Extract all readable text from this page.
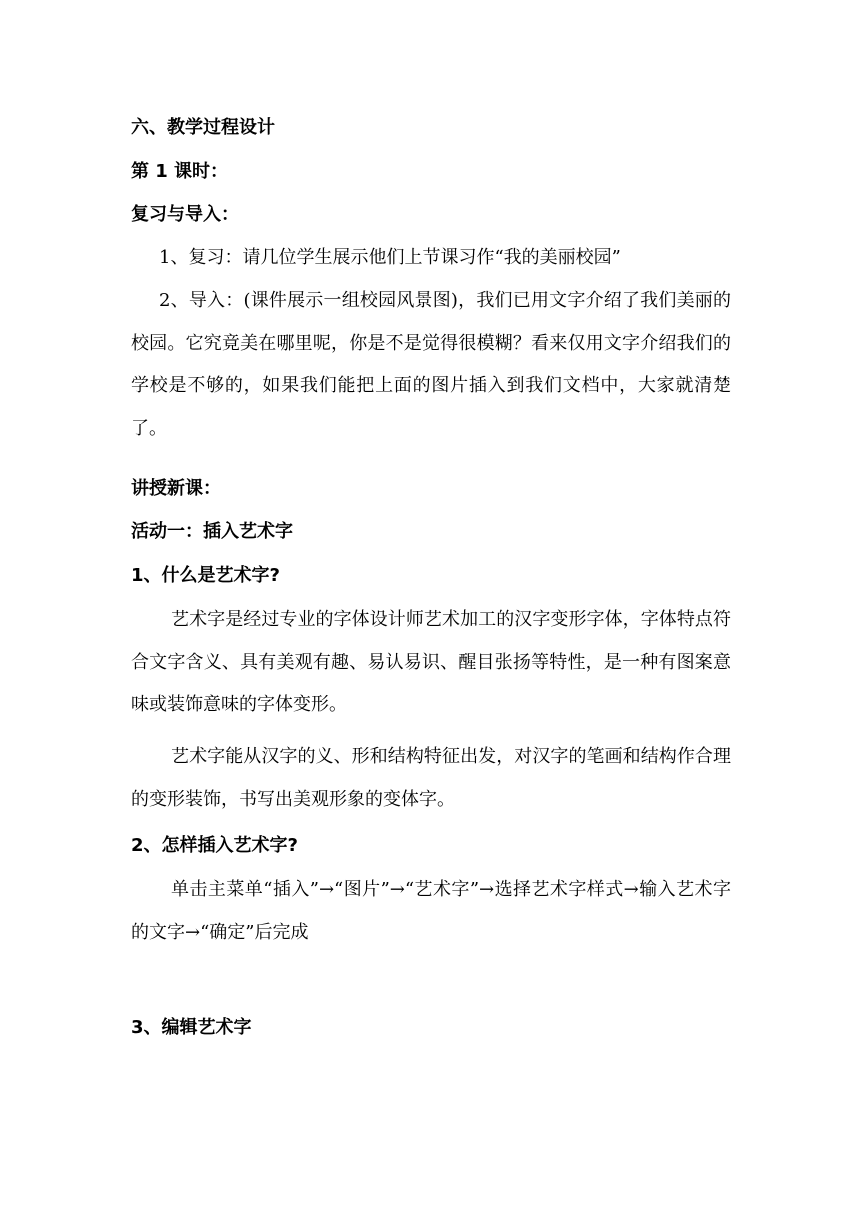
六、教学过程设计
第 1 课时：
复习与导入：
1、复习：请几位学生展示他们上节课习作“我的美丽校园”
2、导入：(课件展示一组校园风景图)，我们已用文字介绍了我们美丽的校园。它究竟美在哪里呢，你是不是觉得很模糊？看来仅用文字介绍我们的学校是不够的，如果我们能把上面的图片插入到我们文档中，大家就清楚了。
讲授新课：
活动一：插入艺术字
1、什么是艺术字?
艺术字是经过专业的字体设计师艺术加工的汉字变形字体，字体特点符合文字含义、具有美观有趣、易认易识、醒目张扬等特性，是一种有图案意味或装饰意味的字体变形。
艺术字能从汉字的义、形和结构特征出发，对汉字的笔画和结构作合理的变形装饰，书写出美观形象的变体字。
2、怎样插入艺术字?
单击主菜单“插入”→“图片”→“艺术字”→选择艺术字样式→输入艺术字的文字→“确定”后完成
3、编辑艺术字
